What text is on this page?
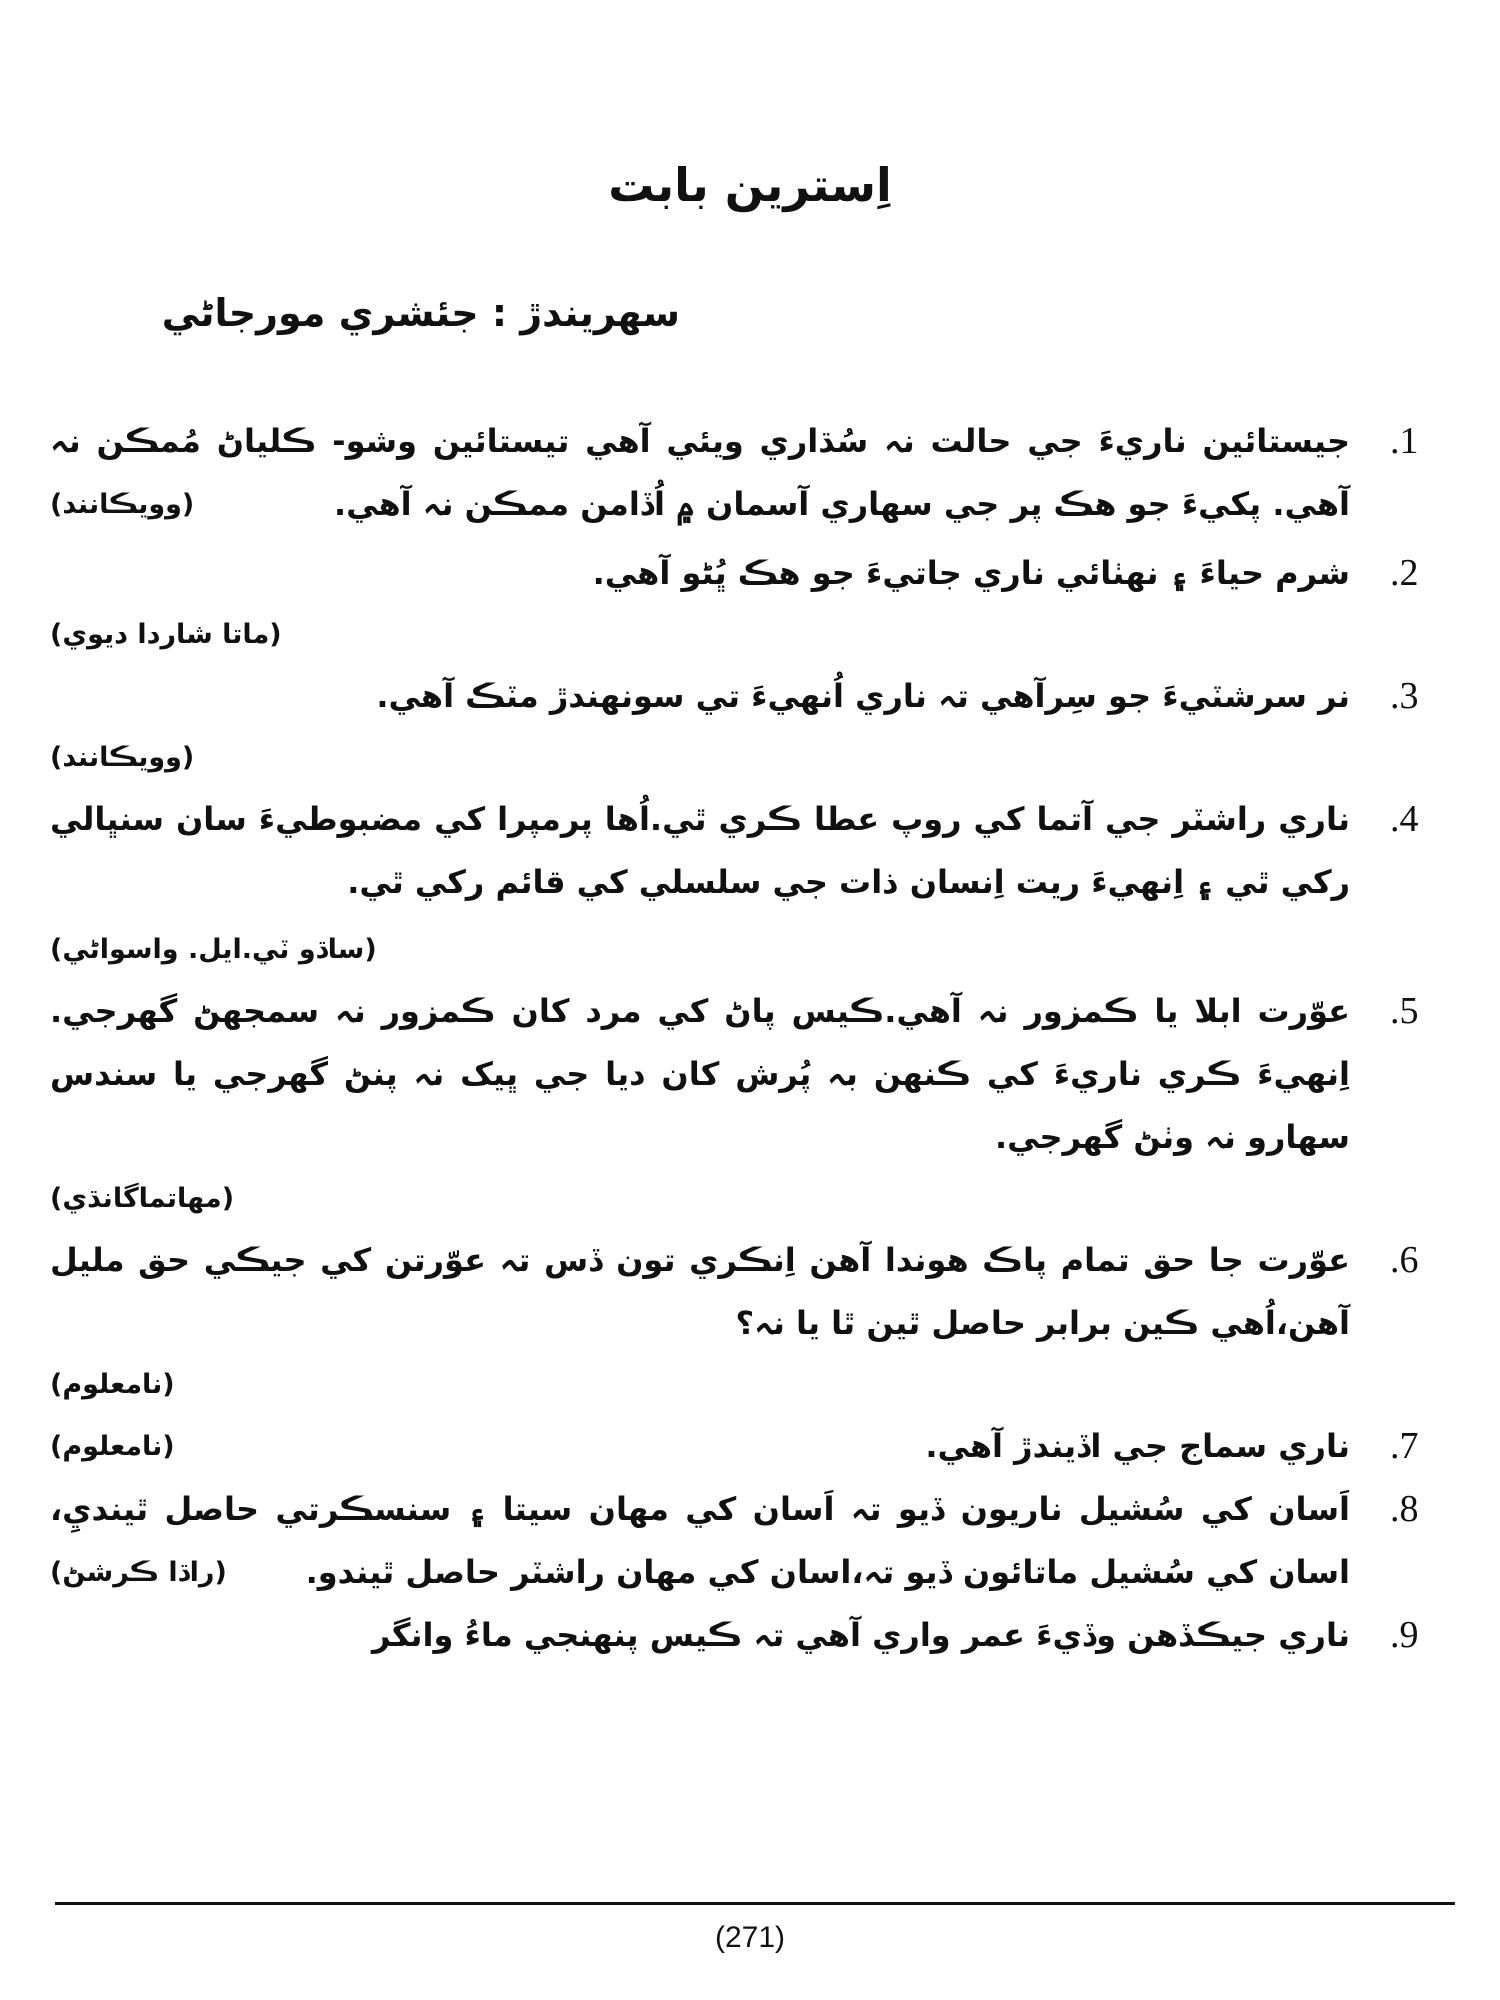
اِسترين بابت

سهريندڙ : جئشري مورجاڻي

.1
جيستائين ناريءَ جي حالت نہ سُڌاري ويئي آهي تيستائين وشو- ڪلياڻ مُمڪن نہ آهي. پکيءَ جو هڪ پر جي سهاري آسمان ۾ اُڏامن ممڪن نہ آهي.
(وويڪانند)
.2
شرم حياءَ ۽ نهٺائي ناري جاتيءَ جو هڪ ڀُڻو آهي.
(ماتا شاردا ديوي)
.3
نر سرشٽيءَ جو سِرآهي تہ ناري اُنهيءَ تي سونهندڙ مٽڪ آهي.
(وويڪانند)
.4
ناري راشٽر جي آتما کي روپ عطا ڪري ٿي.اُها پرمپرا کي مضبوطيءَ سان سنڀالي رکي ٿي ۽ اِنهيءَ ريت اِنسان ذات جي سلسلي کي قائم رکي ٿي.
(ساڌو ٽي.ايل. واسواڻي)
.5
عوّرت ابلا يا ڪمزور نہ آهي.ڪيس پاڻ کي مرد کان ڪمزور نہ سمجهڻ گهرجي. اِنهيءَ ڪري ناريءَ کي ڪنهن بہ پُرش کان ديا جي ڀيک نہ پنڻ گهرجي يا سندس سهارو نہ وٺڻ گهرجي.
(مهاتماگانڌي)
.6
عوّرت جا حق تمام پاڪ هوندا آهن اِنڪري تون ڏس تہ عوّرتن کي جيڪي حق مليل آهن،اُهي ڪين برابر حاصل ٿين ٿا يا نہ؟
(نامعلوم)
.7
ناري سماج جي اڏيندڙ آهي.
(نامعلوم)
.8
اَسان کي سُشيل ناريون ڏيو تہ اَسان کي مهان سيتا ۽ سنسڪرتي حاصل ٿينديِ، اسان کي سُشيل ماتائون ڏيو تہ،اسان کي مهان راشٽر حاصل ٿيندو.
(راڌا ڪرشڻ)
.9
ناري جيڪڏهن وڏيءَ عمر واري آهي تہ ڪيس پنهنجي ماءُ وانگر
(271)
